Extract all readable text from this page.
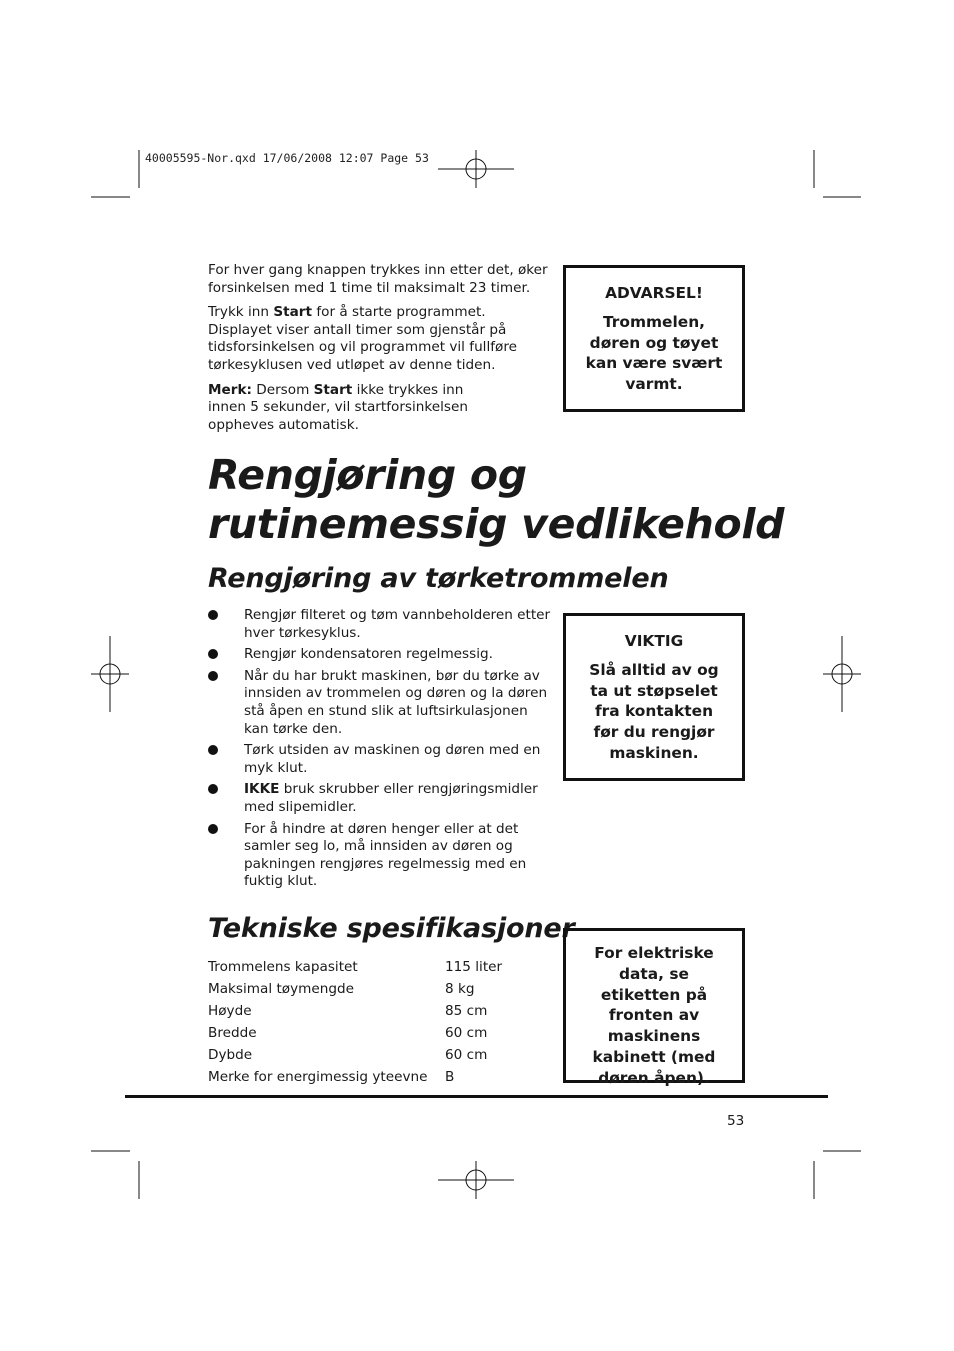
40005595-Nor.qxd 17/06/2008 12:07 Page 53

For hver gang knappen trykkes inn etter det, øker forsinkelsen med 1 time til maksimalt 23 timer.

Trykk inn Start for å starte programmet. Displayet viser antall timer som gjenstår på tidsforsinkelsen og vil programmet vil fullføre tørkesyklusen ved utløpet av denne tiden.

Merk: Dersom Start ikke trykkes inn innen 5 sekunder, vil startforsinkelsen oppheves automatisk.

ADVARSEL!
Trommelen, døren og tøyet kan være svært varmt.
Rengjøring og
rutinemessig vedlikehold
Rengjøring av tørketrommelen
Rengjør filteret og tøm vannbeholderen etter hver tørkesyklus.
Rengjør kondensatoren regelmessig.
Når du har brukt maskinen, bør du tørke av innsiden av trommelen og døren og la døren stå åpen en stund slik at luftsirkulasjonen kan tørke den.
Tørk utsiden av maskinen og døren med en myk klut.
IKKE bruk skrubber eller rengjøringsmidler med slipemidler.
For å hindre at døren henger eller at det samler seg lo, må innsiden av døren og pakningen rengjøres regelmessig med en fuktig klut.
VIKTIG
Slå alltid av og ta ut støpselet fra kontakten før du rengjør maskinen.
Tekniske spesifikasjoner
Trommelens kapasitet	115 liter
Maksimal tøymengde	8 kg
Høyde	85 cm
Bredde	60 cm
Dybde	60 cm
Merke for energimessig yteevne	B
For elektriske data, se etiketten på fronten av maskinens kabinett (med døren åpen).
53
